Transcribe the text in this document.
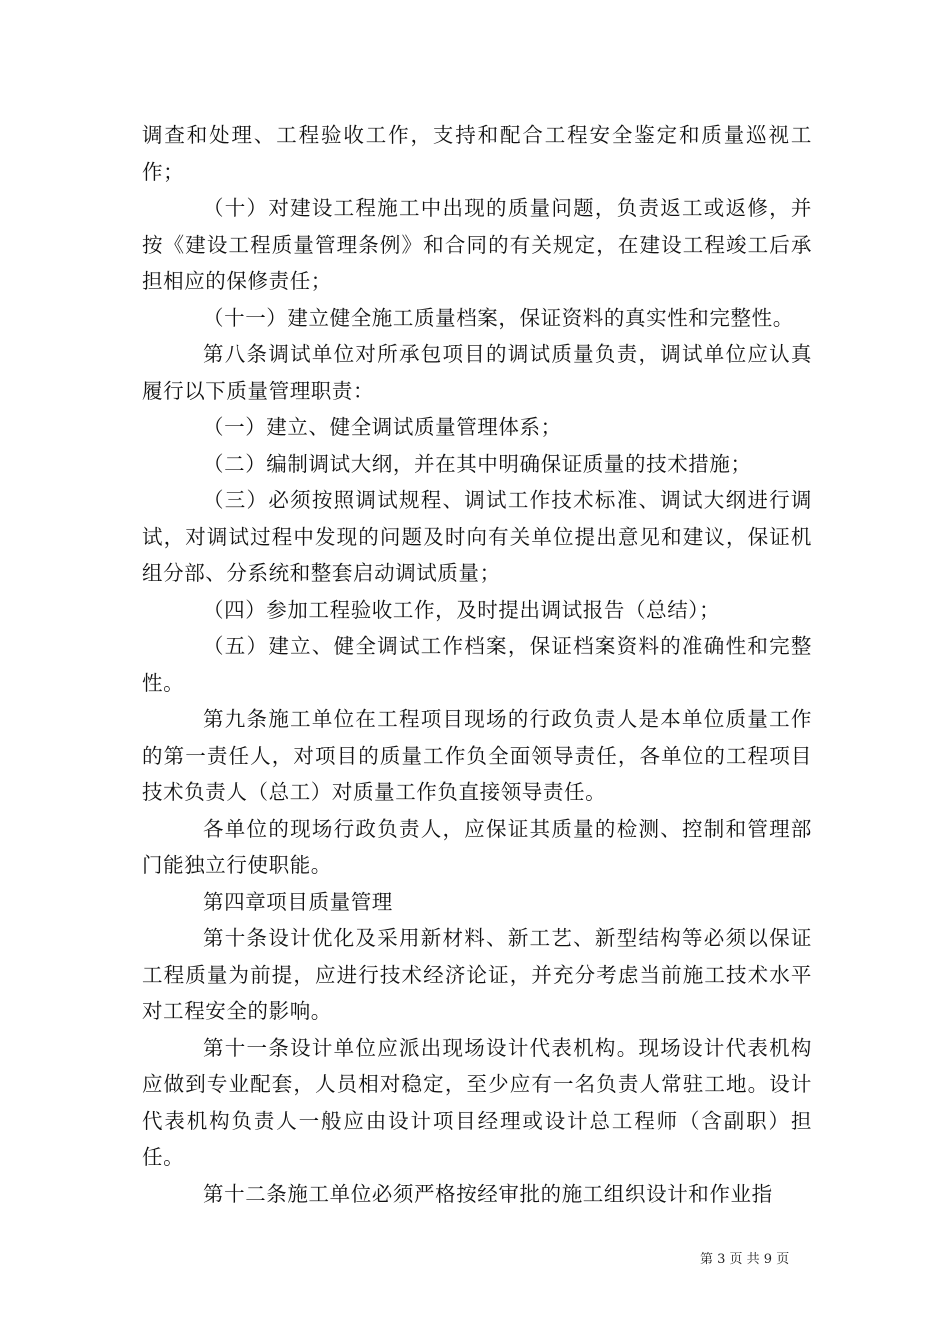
调查和处理、工程验收工作，支持和配合工程安全鉴定和质量巡视工作；

（十）对建设工程施工中出现的质量问题，负责返工或返修，并按《建设工程质量管理条例》和合同的有关规定，在建设工程竣工后承担相应的保修责任；

（十一）建立健全施工质量档案，保证资料的真实性和完整性。

第八条调试单位对所承包项目的调试质量负责，调试单位应认真履行以下质量管理职责：

（一）建立、健全调试质量管理体系；

（二）编制调试大纲，并在其中明确保证质量的技术措施；

（三）必须按照调试规程、调试工作技术标准、调试大纲进行调试，对调试过程中发现的问题及时向有关单位提出意见和建议，保证机组分部、分系统和整套启动调试质量；

（四）参加工程验收工作，及时提出调试报告（总结）；

（五）建立、健全调试工作档案，保证档案资料的准确性和完整性。

第九条施工单位在工程项目现场的行政负责人是本单位质量工作的第一责任人，对项目的质量工作负全面领导责任，各单位的工程项目技术负责人（总工）对质量工作负直接领导责任。

各单位的现场行政负责人，应保证其质量的检测、控制和管理部门能独立行使职能。

第四章项目质量管理

第十条设计优化及采用新材料、新工艺、新型结构等必须以保证工程质量为前提，应进行技术经济论证，并充分考虑当前施工技术水平对工程安全的影响。

第十一条设计单位应派出现场设计代表机构。现场设计代表机构应做到专业配套，人员相对稳定，至少应有一名负责人常驻工地。设计代表机构负责人一般应由设计项目经理或设计总工程师（含副职）担任。

第十二条施工单位必须严格按经审批的施工组织设计和作业指

第 3 页 共 9 页
